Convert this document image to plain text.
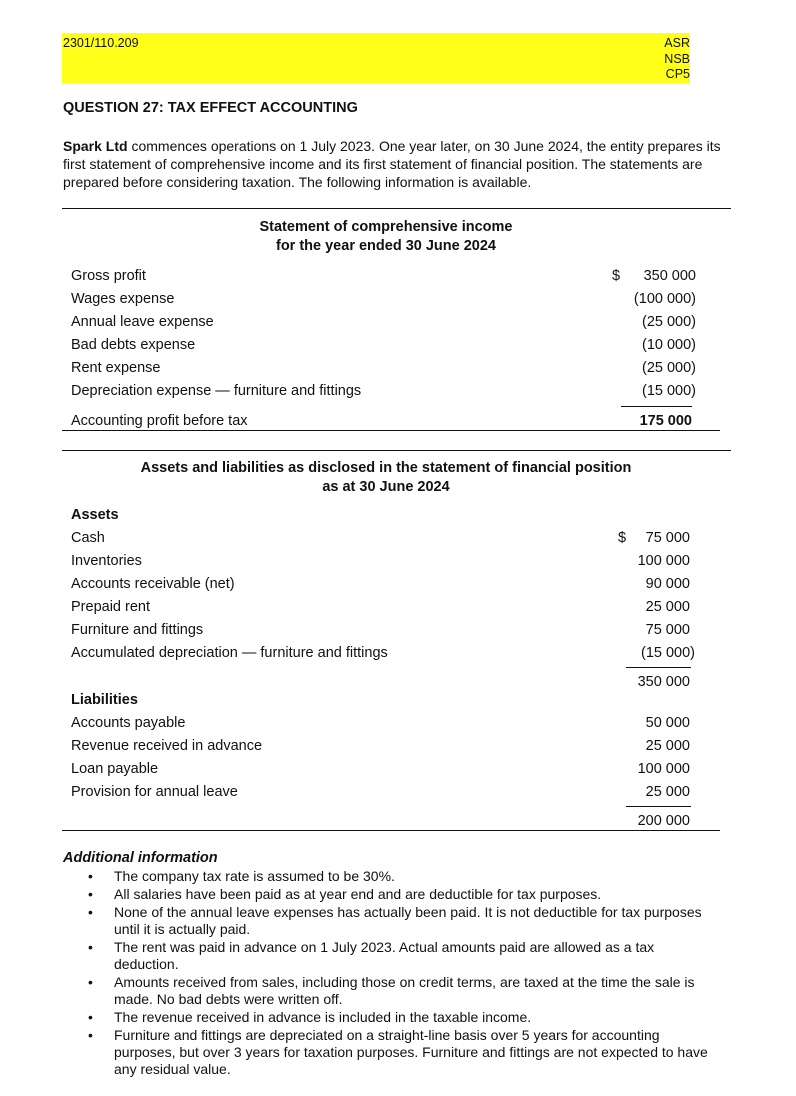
2301/110.209	ASR
NSB
CP5
QUESTION 27: TAX EFFECT ACCOUNTING
Spark Ltd commences operations on 1 July 2023. One year later, on 30 June 2024, the entity prepares its first statement of comprehensive income and its first statement of financial position. The statements are prepared before considering taxation. The following information is available.
Statement of comprehensive income
for the year ended 30 June 2024
Gross profit	$ 350 000
Wages expense	(100 000)
Annual leave expense	(25 000)
Bad debts expense	(10 000)
Rent expense	(25 000)
Depreciation expense — furniture and fittings	(15 000)
Accounting profit before tax	175 000
Assets and liabilities as disclosed in the statement of financial position
as at 30 June 2024
Assets
Cash	$ 75 000
Inventories	100 000
Accounts receivable (net)	90 000
Prepaid rent	25 000
Furniture and fittings	75 000
Accumulated depreciation — furniture and fittings	(15 000)
350 000
Liabilities
Accounts payable	50 000
Revenue received in advance	25 000
Loan payable	100 000
Provision for annual leave	25 000
200 000
Additional information
• The company tax rate is assumed to be 30%.
• All salaries have been paid as at year end and are deductible for tax purposes.
• None of the annual leave expenses has actually been paid. It is not deductible for tax purposes until it is actually paid.
• The rent was paid in advance on 1 July 2023. Actual amounts paid are allowed as a tax deduction.
• Amounts received from sales, including those on credit terms, are taxed at the time the sale is made. No bad debts were written off.
• The revenue received in advance is included in the taxable income.
• Furniture and fittings are depreciated on a straight-line basis over 5 years for accounting purposes, but over 3 years for taxation purposes. Furniture and fittings are not expected to have any residual value.
